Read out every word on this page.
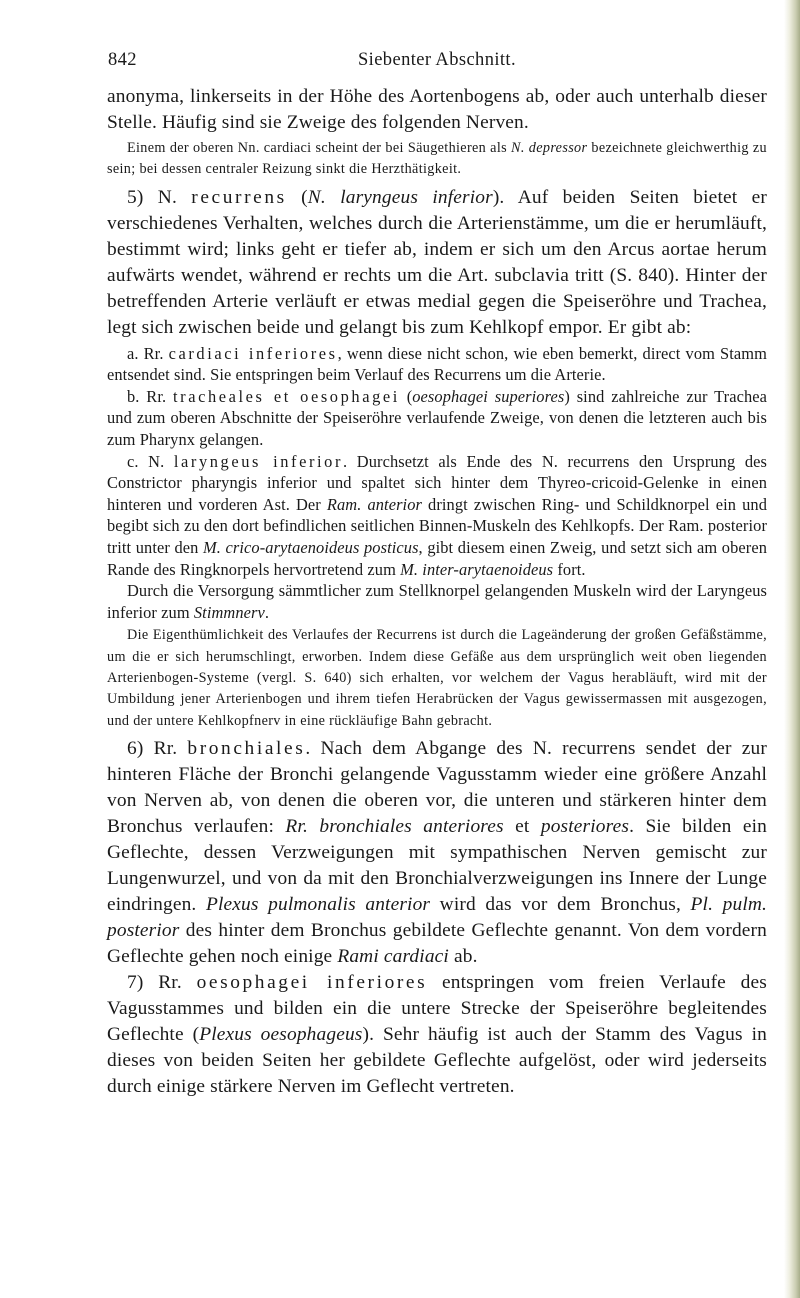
842	Siebenter Abschnitt.

anonyma, linkerseits in der Höhe des Aortenbogens ab, oder auch unterhalb dieser Stelle. Häufig sind sie Zweige des folgenden Nerven.

Einem der oberen Nn. cardiaci scheint der bei Säugethieren als N. depressor bezeichnete gleichwerthig zu sein; bei dessen centraler Reizung sinkt die Herzthätigkeit.

5) N. recurrens (N. laryngeus inferior). Auf beiden Seiten bietet er verschiedenes Verhalten, welches durch die Arterienstämme, um die er herumläuft, bestimmt wird; links geht er tiefer ab, indem er sich um den Arcus aortae herum aufwärts wendet, während er rechts um die Art. subclavia tritt (S. 840). Hinter der betreffenden Arterie verläuft er etwas medial gegen die Speiseröhre und Trachea, legt sich zwischen beide und gelangt bis zum Kehlkopf empor. Er gibt ab:

a. Rr. cardiaci inferiores, wenn diese nicht schon, wie eben bemerkt, direct vom Stamm entsendet sind. Sie entspringen beim Verlauf des Recurrens um die Arterie.

b. Rr. tracheales et oesophagei (oesophagei superiores) sind zahlreiche zur Trachea und zum oberen Abschnitte der Speiseröhre verlaufende Zweige, von denen die letzteren auch bis zum Pharynx gelangen.

c. N. laryngeus inferior. Durchsetzt als Ende des N. recurrens den Ursprung des Constrictor pharyngis inferior und spaltet sich hinter dem Thyreo-cricoid-Gelenke in einen hinteren und vorderen Ast. Der Ram. anterior dringt zwischen Ring- und Schildknorpel ein und begibt sich zu den dort befindlichen seitlichen Binnen-Muskeln des Kehlkopfs. Der Ram. posterior tritt unter den M. crico-arytaenoideus posticus, gibt diesem einen Zweig, und setzt sich am oberen Rande des Ringknorpels hervortretend zum M. inter-arytaenoideus fort.

Durch die Versorgung sämmtlicher zum Stellknorpel gelangenden Muskeln wird der Laryngeus inferior zum Stimmnerv.

Die Eigenthümlichkeit des Verlaufes der Recurrens ist durch die Lageänderung der großen Gefäßstämme, um die er sich herumschlingt, erworben. Indem diese Gefäße aus dem ursprünglich weit oben liegenden Arterienbogen-Systeme (vergl. S. 640) sich erhalten, vor welchem der Vagus herabläuft, wird mit der Umbildung jener Arterienbogen und ihrem tiefen Herabrücken der Vagus gewissermassen mit ausgezogen, und der untere Kehlkopfnerv in eine rückläufige Bahn gebracht.

6) Rr. bronchiales. Nach dem Abgange des N. recurrens sendet der zur hinteren Fläche der Bronchi gelangende Vagusstamm wieder eine größere Anzahl von Nerven ab, von denen die oberen vor, die unteren und stärkeren hinter dem Bronchus verlaufen: Rr. bronchiales anteriores et posteriores. Sie bilden ein Geflechte, dessen Verzweigungen mit sympathischen Nerven gemischt zur Lungenwurzel, und von da mit den Bronchialverzweigungen ins Innere der Lunge eindringen. Plexus pulmonalis anterior wird das vor dem Bronchus, Pl. pulm. posterior des hinter dem Bronchus gebildete Geflechte genannt. Von dem vordern Geflechte gehen noch einige Rami cardiaci ab.

7) Rr. oesophagei inferiores entspringen vom freien Verlaufe des Vagusstammes und bilden ein die untere Strecke der Speiseröhre begleitendes Geflechte (Plexus oesophageus). Sehr häufig ist auch der Stamm des Vagus in dieses von beiden Seiten her gebildete Geflechte aufgelöst, oder wird jederseits durch einige stärkere Nerven im Geflecht vertreten.
